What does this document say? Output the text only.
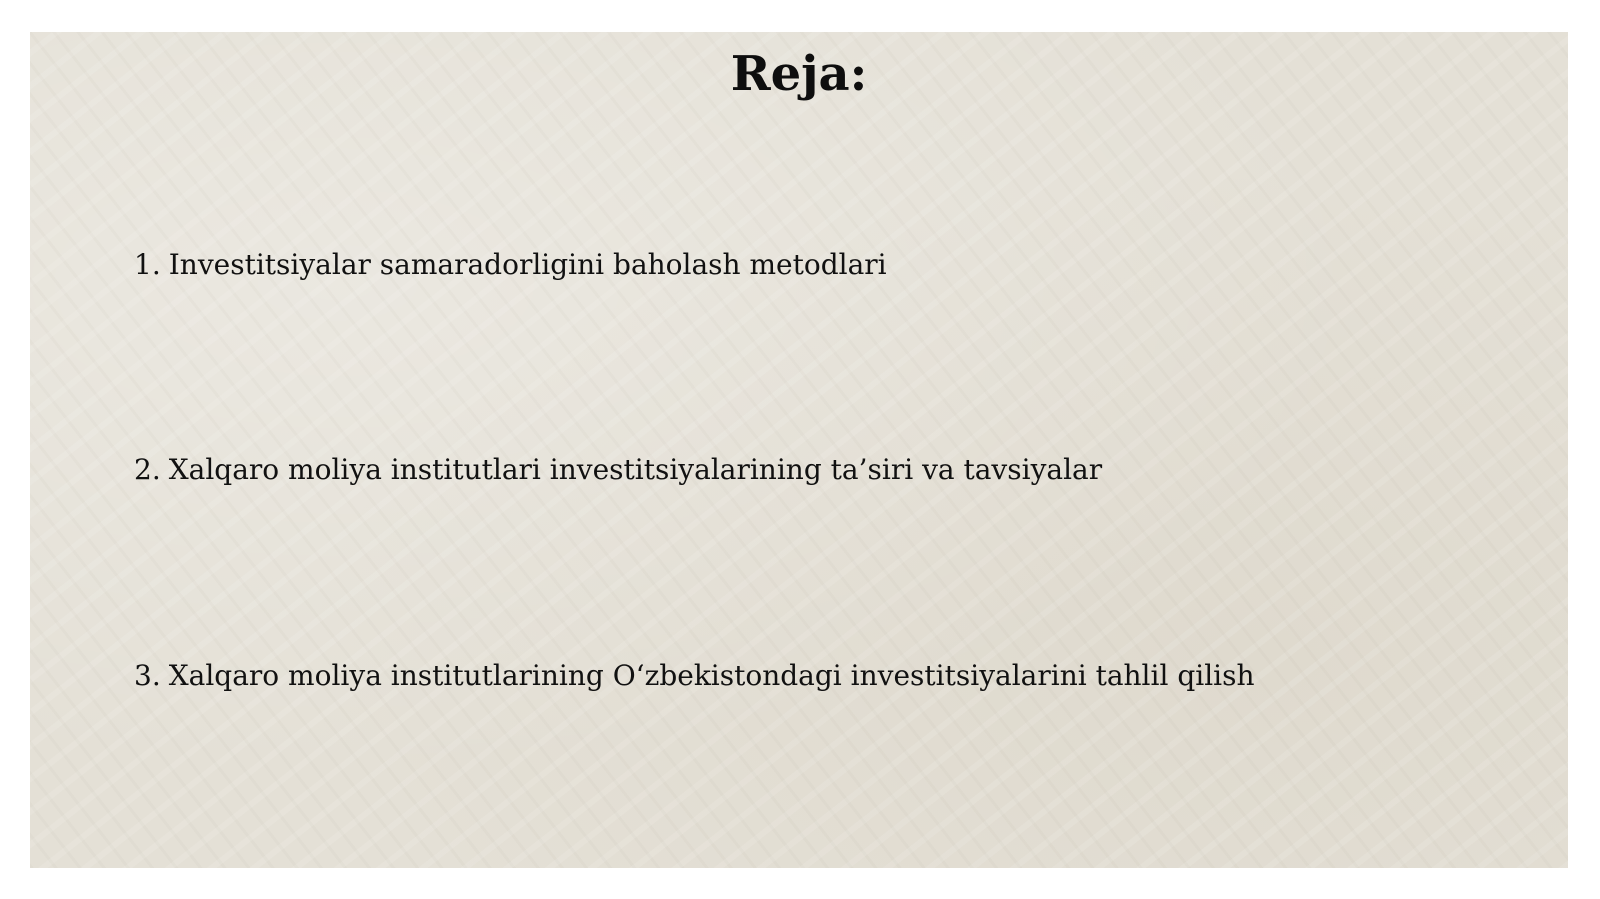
Reja:
1. Investitsiyalar samaradorligini baholash metodlari
2. Xalqaro moliya institutlari investitsiyalarining ta’siri va tavsiyalar
3. Xalqaro moliya institutlarining O‘zbekistondagi investitsiyalarini tahlil qilish
